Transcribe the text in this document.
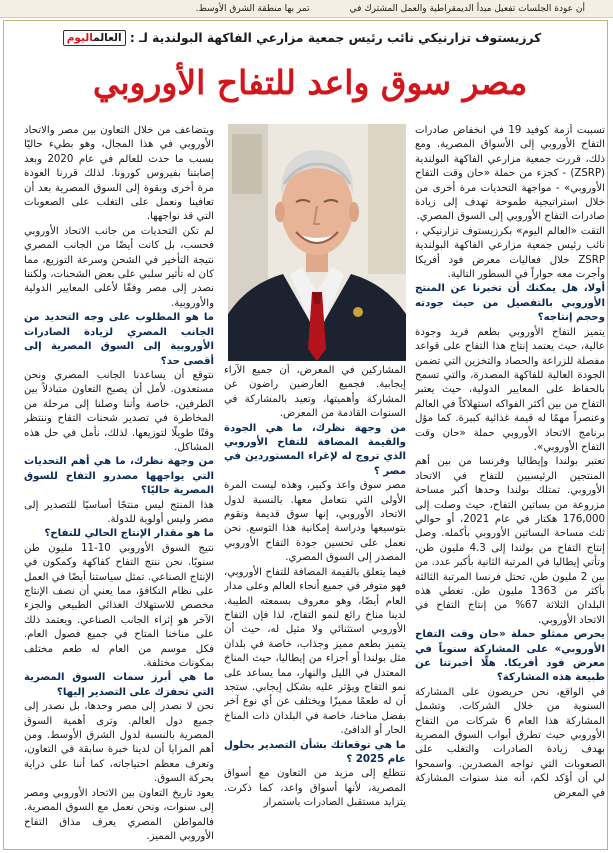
أن عودة الجلسات تفعيل مبدأ الديمقراطية والعمل المشترك في
تمر بها منطقة الشرق الأوسط.
كرزيستوف تزارنيكي نائب رئيس جمعية مزارعي الفاكهة البولندية لـ : العالماليوم
مصر سوق واعد للتفاح الأوروبي

تسببت أزمة كوفيد 19 في انخفاض صادرات التفاح الأوروبي إلى الأسواق المصرية. ومع ذلك، قررت جمعية مزارعي الفاكهة البولندية (ZSRP) - كجزء من حملة «حان وقت التفاح الأوروبي» - مواجهة التحديات مرة أخرى من خلال استراتيجية طموحة تهدف إلى زيادة صادرات التفاح الأوروبي إلى السوق المصري.

التقت «العالم اليوم» بكرزيستوف تزارنيكي ، نائب رئيس جمعية مزارعي الفاكهة البولندية ZSRP خلال فعاليات معرض فود أفريكا وأجرت معه حواراً في السطور التالية.

أولا، هل يمكنك أن تخبرنا عن المنتج الأوروبي بالتفصيل من حيث جودته وحجم إنتاجه؟

يتميز التفاح الأوروبي بطعم فريد وجودة عالية، حيث يعتمد إنتاج هذا التفاح على قواعد مفصلة للزراعة والحصاد والتخزين التي تضمن الجودة العالية للفاكهة المصدرة، والتي تسمح بالحفاظ على المعايير الدولية، حيث يعتبر التفاح من بين أكثر الفواكه استهلاكاً في العالم وعنصراً مهمًا له قيمة غذائية كبيرة. كما مؤل برنامج الاتحاد الأوروبي حملة «حان وقت التفاح الأوروبي».

تعتبر بولندا وإيطاليا وفرنسا من بين أهم المنتجين الرئيسيين للتفاح في الاتحاد الأوروبي. تمتلك بولندا وحدها أكبر مساحة مزروعة من بساتين التفاح، حيث وصلت إلى 176,000 هكتار في عام 2021، أو حوالي ثلث مساحة البساتين الأوروبي بأكمله. وصل إنتاج التفاح من بولندا إلى 4.3 مليون طن، وتأتي إيطاليا في المرتبة الثانية بأكبر عدد. من بين 2 مليون طن، تحتل فرنسا المرتبة الثالثة بأكثر من 1363 مليون طن. تغطي هذه البلدان الثلاثة 67% من إنتاج التفاح في الاتحاد الأوروبي.

يحرص ممثلو حملة «حان وقت التفاح الأوروبي» على المشاركة سنوياً في معرض فود أفريكا. هلّا أخبرتنا عن طبيعة هذه المشاركة؟

في الواقع، نحن حريصون على المشاركة السنوية من خلال الشركات. وتشمل المشاركة هذا العام 6 شركات من التفاح الأوروبي حيث تطرق أبواب السوق المصرية بهدف زيادة الصادرات والتغلب على الصعوبات التي تواجه المصدرين. واسمحوا لي أن أؤكد لكم، أنه منذ سنوات المشاركة في المعرض

المشاركين في المعرض، أن جميع الآراء إيجابية. فجميع العارضين راضون عن المشاركة وأهميتها، وتعيد بالمشاركة في السنوات القادمة من المعرض.

من وجهة نظرك، ما هي الجودة والقيمة المضافة للتفاح الأوروبي الذي تروج له لإغراء المستوردين في مصر ؟

مصر سوق واعد وكبير، وهذه ليست المرة الأولى التي نتعامل معها. بالنسبة لدول الاتحاد الأوروبي، إنها سوق قديمة ونقوم بتوسيعها ودراسة إمكانية هذا التوسع. نحن نعمل على تحسين جودة التفاح الأوروبي المصدر إلى السوق المصري.

فيما يتعلق بالقيمة المضافة للتفاح الأوروبي، فهو متوفر في جميع أنحاء العالم وعلى مدار العام أيضًا، وهو معروف بسمعته الطيبة. لدينا مناخ رائع لنمو التفاح، لذا فإن التفاح الأوروبي استثنائي ولا مثيل له، حيث أن يتميز بطعم مميز وجذاب، خاصة في بلدان مثل بولندا أو أجزاء من إيطاليا، حيث المناخ المعتدل في الليل والنهار، مما يساعد على نمو التفاح ويؤثر عليه بشكل إيجابي. ستجد أن له طعمًا مميزًا ويختلف عن أي نوع آخر بفضل مناخنا، خاصة في البلدان ذات المناخ الحار أو الدافئ.

ما هي توقعاتك بشأن التصدير بحلول عام 2025 ؟

نتطلع إلى مزيد من التعاون مع أسواق المصرية، لأنها أسواق واعد، كما ذكرت. يتزايد مستقبل الصادرات باستمرار

ويتضاعف من خلال التعاون بين مصر والاتحاد الأوروبي في هذا المجال، وهو بطيء حاليًا بسبب ما حدث للعالم في عام 2020 وبعد إصابتنا بفيروس كورونا. لذلك قررنا العودة مرة أخرى وبقوة إلى السوق المصرية بعد أن تعافينا ونعمل على التغلب على الصعوبات التي قد نواجهها.

لم تكن التحديات من جانب الاتحاد الأوروبي فحسب، بل كانت أيضًا من الجانب المصري نتيجة التأخير في الشحن وسرعة التوزيع، مما كان له تأثير سلبي على بعض الشحنات، ولكننا نصدر إلى مصر وفقًا لأعلى المعايير الدولية والأوروبية.

ما هو المطلوب على وجه التحديد من الجانب المصري لزيادة الصادرات الأوروبية إلى السوق المصرية إلى أقصى حد؟

نتوقع أن يساعدنا الجانب المصري ونحن مستعدون. لأمل أن يصبح التعاون متبادلاً بين الطرفين، خاصة وأننا وصلنا إلى مرحلة من المخاطرة في تصدير شحنات التفاح وننتظر وقتًا طويلًا لتوزيعها. لذلك، نأمل في حل هذه المشاكل.

من وجهة نظرك، ما هي أهم التحديات التي يواجهها مصدرو التفاح للسوق المصرية حاليًا؟

هذا المنتج ليس منتجًا أساسيًا للتصدير إلى مصر وليس أولوية للدولة.

ما هو مقدار الإنتاج الحالي للتفاح؟

نتيج السوق الأوروبي 10-11 مليون طن سنويًا. نحن ننتج التفاح كفاكهة وكمكون في الإنتاج الصناعي. تمثل سياستنا أيضًا في العمل على نظام التكافؤ، مما يعني أن نصف الإنتاج مخصص للاستهلاك الغذائي الطبيعي والجزء الآخر هو إثراء الجانب الصناعي. ويعتمد ذلك على مناخنا المتاح في جميع فصول العام. فكل موسم من العام له طعم مختلف بمكونات مختلفة.

ما هي أبرز سمات السوق المصرية التي تحفزك على التصدير إليها؟

نحن لا نصدر إلى مصر وحدها، بل نصدر إلى جميع دول العالم. وترى أهمية السوق المصرية بالنسبة لدول الشرق الأوسط. ومن أهم المزايا أن لدينا خبرة سابقة في التعاون، وتعرف معظم احتياجاته، كما أننا على دراية بحركة السوق.

يعود تاريخ التعاون بين الاتحاد الأوروبي ومصر إلى سنوات، ونحن نعمل مع السوق المصرية. فالمواطن المصري يعرف مذاق التفاح الأوروبي المميز.
